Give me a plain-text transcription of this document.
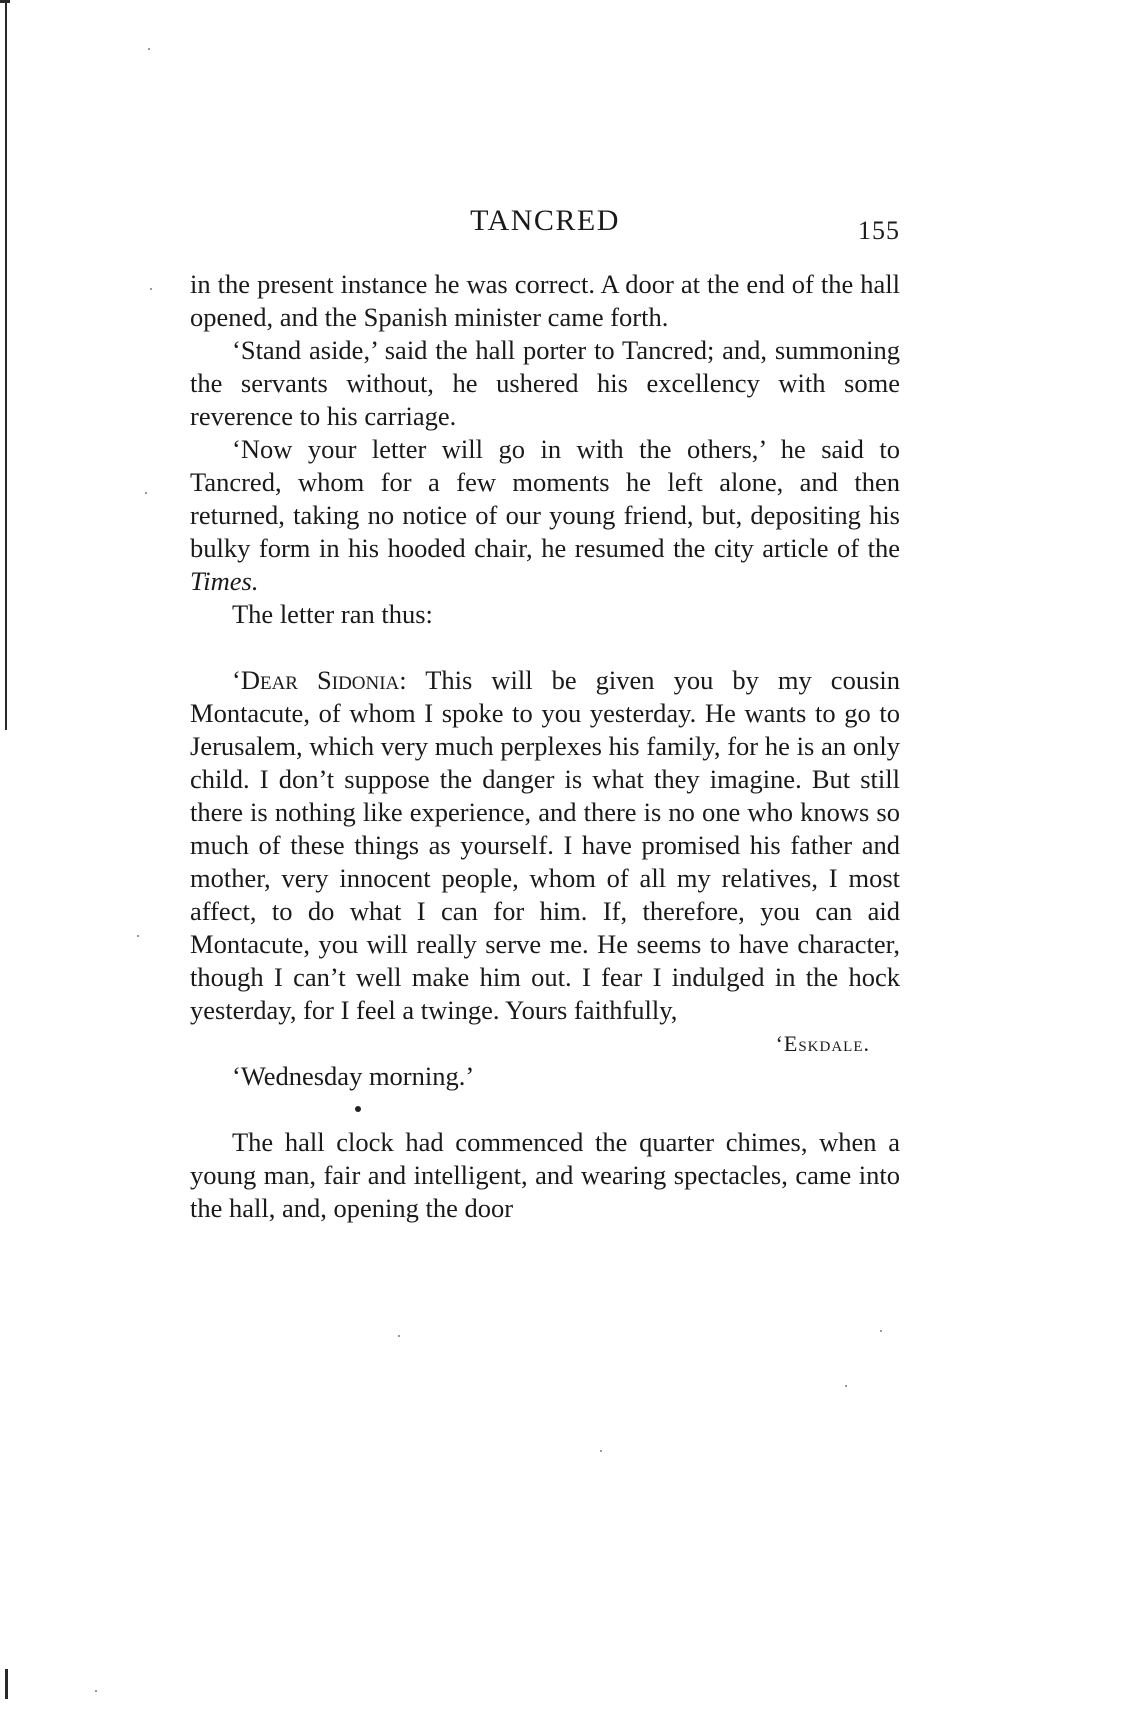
TANCRED	155

in the present instance he was correct. A door at the end of the hall opened, and the Spanish minister came forth.

‘Stand aside,’ said the hall porter to Tancred; and, summoning the servants without, he ushered his excellency with some reverence to his carriage.

‘Now your letter will go in with the others,’ he said to Tancred, whom for a few moments he left alone, and then returned, taking no notice of our young friend, but, depositing his bulky form in his hooded chair, he resumed the city article of the Times.

The letter ran thus:

‘Dear Sidonia: This will be given you by my cousin Montacute, of whom I spoke to you yesterday. He wants to go to Jerusalem, which very much perplexes his family, for he is an only child. I don’t suppose the danger is what they imagine. But still there is nothing like experience, and there is no one who knows so much of these things as yourself. I have promised his father and mother, very innocent people, whom of all my relatives, I most affect, to do what I can for him. If, therefore, you can aid Montacute, you will really serve me. He seems to have character, though I can’t well make him out. I fear I indulged in the hock yesterday, for I feel a twinge. Yours faithfully,

‘Eskdale.

‘Wednesday morning.’

The hall clock had commenced the quarter chimes, when a young man, fair and intelligent, and wearing spectacles, came into the hall, and, opening the door
